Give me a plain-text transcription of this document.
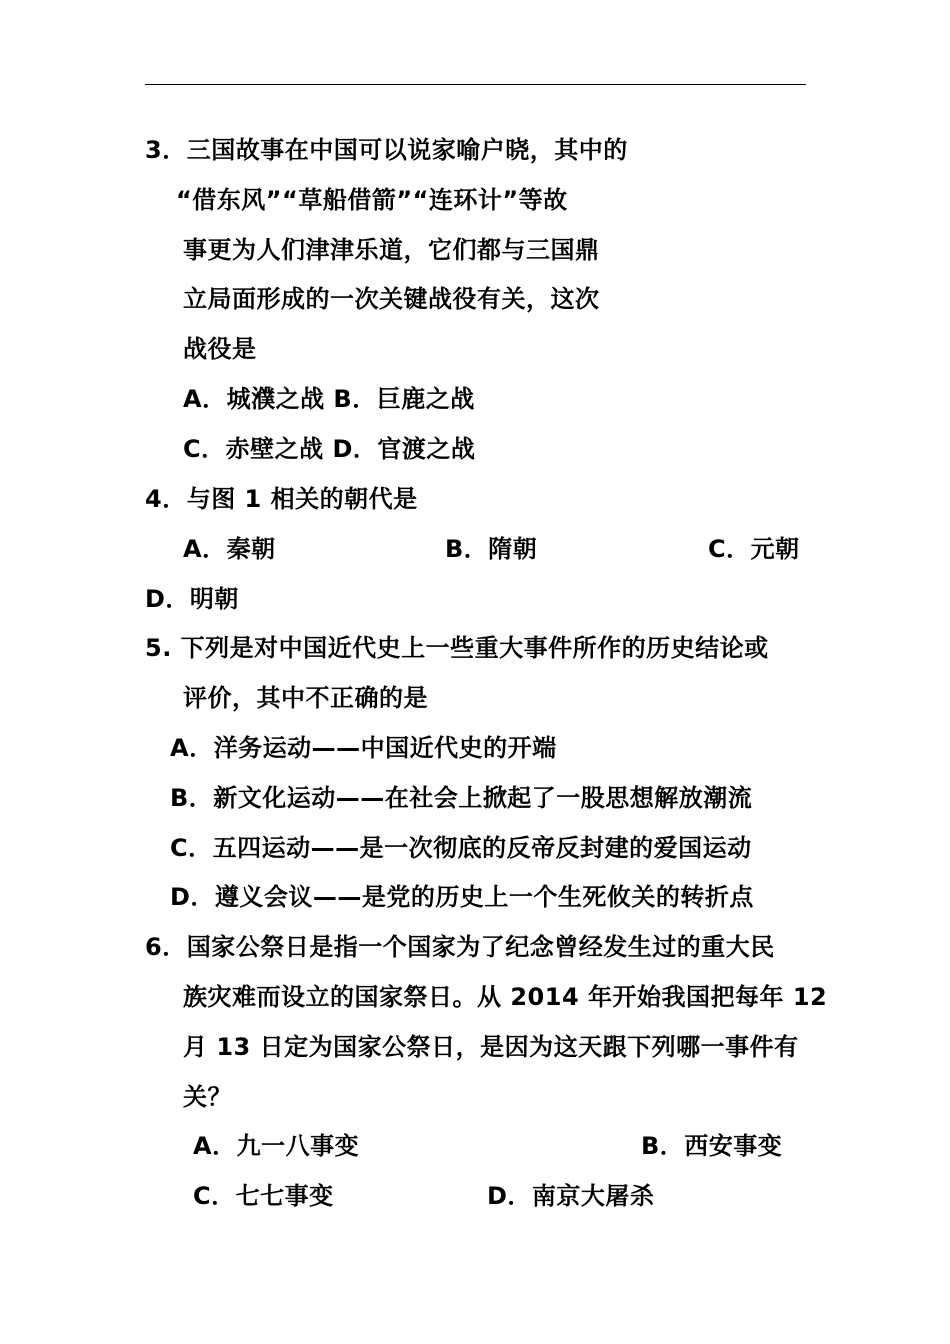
3．三国故事在中国可以说家喻户晓，其中的
“借东风”“草船借箭”“连环计”等故
事更为人们津津乐道，它们都与三国鼎
立局面形成的一次关键战役有关，这次
战役是
A．城濮之战 B．巨鹿之战
C．赤壁之战 D．官渡之战
4．与图 1 相关的朝代是
A．秦朝	B．隋朝	C．元朝
D．明朝
5. 下列是对中国近代史上一些重大事件所作的历史结论或
评价，其中不正确的是
A．洋务运动——中国近代史的开端
B．新文化运动——在社会上掀起了一股思想解放潮流
C．五四运动——是一次彻底的反帝反封建的爱国运动
D．遵义会议——是党的历史上一个生死攸关的转折点
6．国家公祭日是指一个国家为了纪念曾经发生过的重大民
族灾难而设立的国家祭日。从 2014 年开始我国把每年 12
月 13 日定为国家公祭日，是因为这天跟下列哪一事件有
关？
A．九一八事变	B．西安事变
C．七七事变	D．南京大屠杀
